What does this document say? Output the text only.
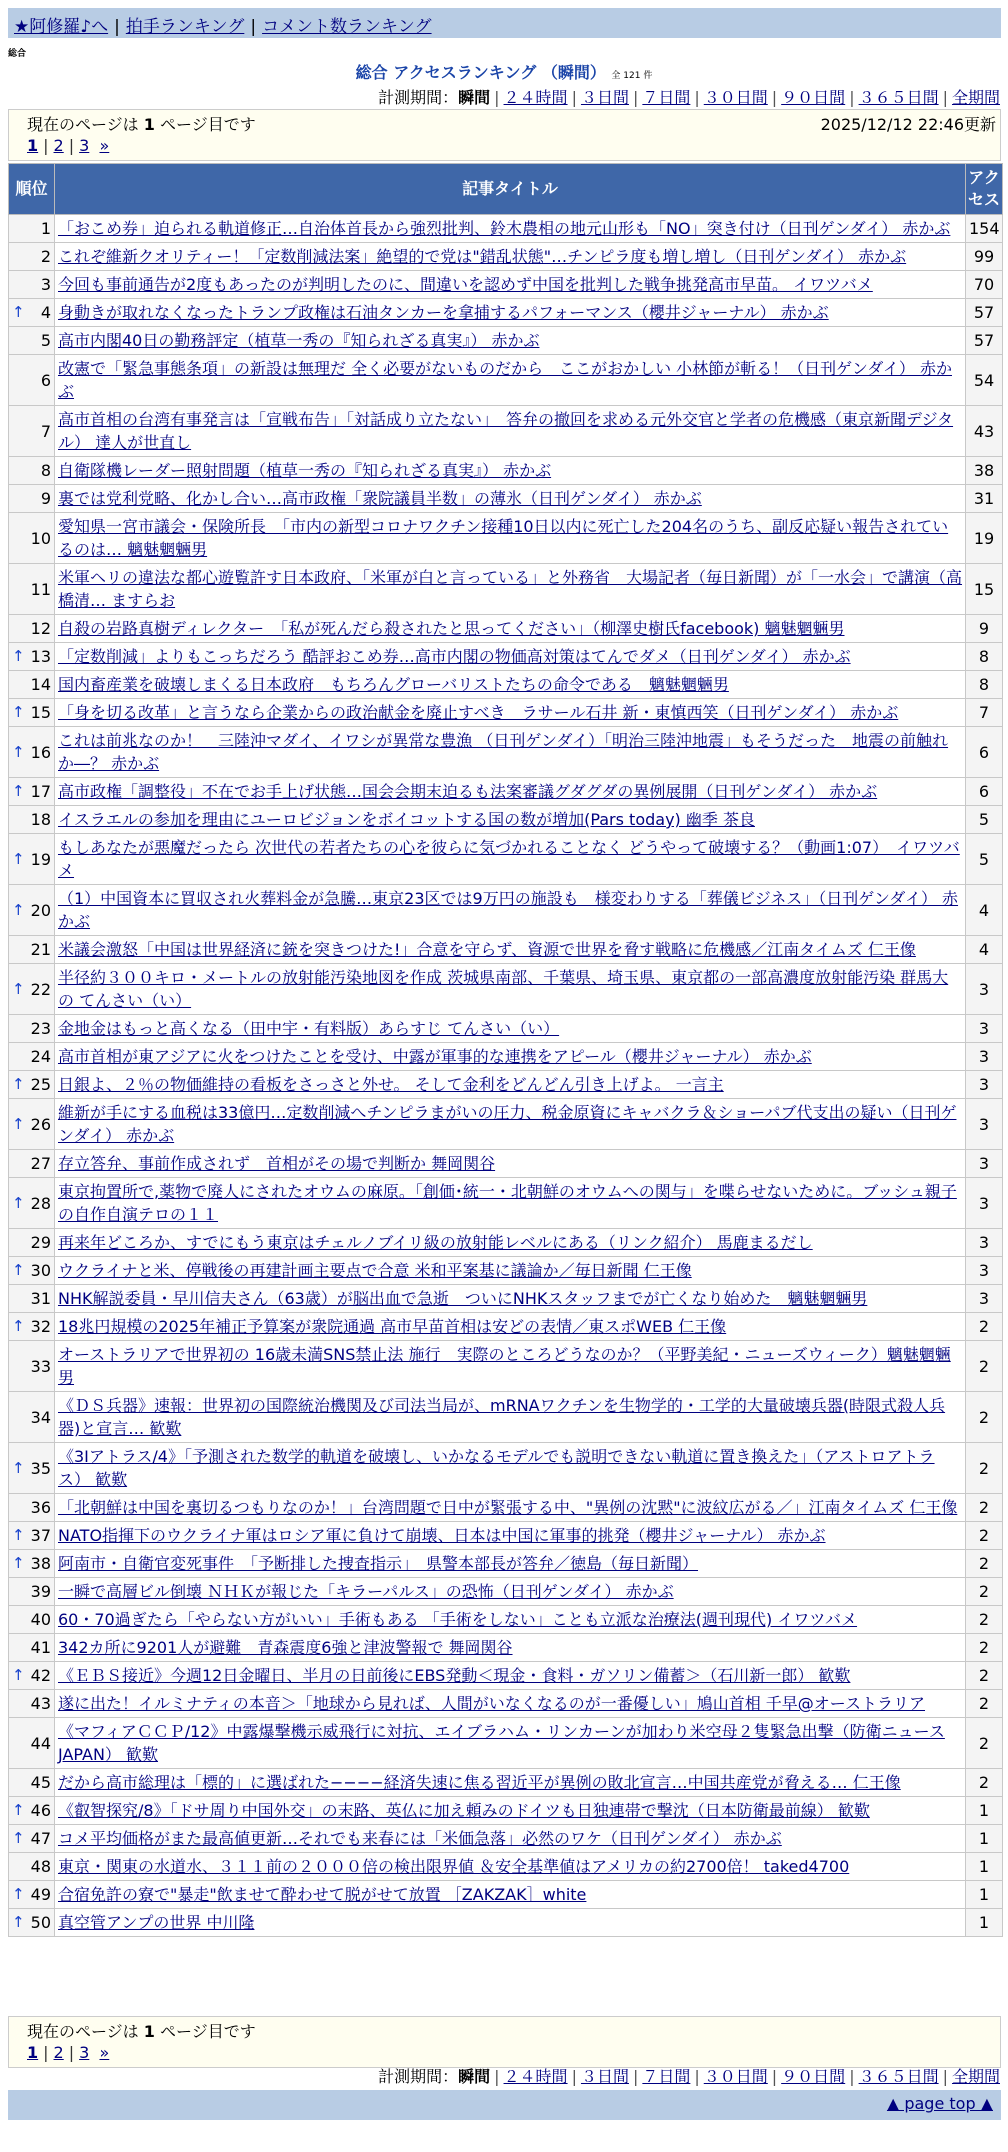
★阿修羅♪へ | 拍手ランキング | コメント数ランキング
総合
総合 アクセスランキング （瞬間） 全 121 件
計測期間：瞬間 | ２４時間 | ３日間 | ７日間 | ３０日間 | ９０日間 | ３６５日間 | 全期間
現在のページは 1 ページ目です
1 | 2 | 3 »
2025/12/12 22:46更新
順位	記事タイトル	アクセス
1	「おこめ券」迫られる軌道修正…自治体首長から強烈批判、鈴木農相の地元山形も「NO」突き付け（日刊ゲンダイ） 赤かぶ	154
2	これぞ維新クオリティー！「定数削減法案」絶望的で党は"錯乱状態"…チンピラ度も増し増し（日刊ゲンダイ） 赤かぶ	99
3	今回も事前通告が2度もあったのが判明したのに、間違いを認めず中国を批判した戦争挑発高市早苗。 イワツバメ	70

↑ 4	身動きが取れなくなったトランプ政権は石油タンカーを拿捕するパフォーマンス（櫻井ジャーナル） 赤かぶ	57
5	高市内閣40日の勤務評定（植草一秀の『知られざる真実』） 赤かぶ	57
6	改憲で「緊急事態条項」の新設は無理だ 全く必要がないものだから　ここがおかしい 小林節が斬る！（日刊ゲンダイ） 赤かぶ	54
7	高市首相の台湾有事発言は「宣戦布告」「対話成り立たない」　答弁の撤回を求める元外交官と学者の危機感（東京新聞デジタル） 達人が世直し	43
8	自衛隊機レーダー照射問題（植草一秀の『知られざる真実』） 赤かぶ	38
9	裏では党利党略、化かし合い…高市政権「衆院議員半数」の薄氷（日刊ゲンダイ） 赤かぶ	31
10	愛知県一宮市議会・保険所長　「市内の新型コロナワクチン接種10日以内に死亡した204名のうち、副反応疑い報告されているのは… 魑魅魍魎男	19
11	米軍ヘリの違法な都心遊覧許す日本政府、「米軍が白と言っている」と外務省　大場記者（毎日新聞）が「一水会」で講演（高橋清… ますらお	15
12	自殺の岩路真樹ディレクター　「私が死んだら殺されたと思ってください」（柳澤史樹氏facebook) 魑魅魍魎男	9

↑ 13	「定数削減」よりもこっちだろう 酷評おこめ券…高市内閣の物価高対策はてんでダメ（日刊ゲンダイ） 赤かぶ	8
14	国内畜産業を破壊しまくる日本政府　もちろんグローバリストたちの命令である　魑魅魍魎男	8

↑ 15	「身を切る改革」と言うなら企業からの政治献金を廃止すべき　ラサール石井 新・東慎西笑（日刊ゲンダイ） 赤かぶ	7

↑ 16	これは前兆なのか！　三陸沖マダイ、イワシが異常な豊漁 （日刊ゲンダイ）「明治三陸沖地震」もそうだった　地震の前触れか―？ 赤かぶ	6

↑ 17	高市政権「調整役」不在でお手上げ状態…国会会期末迫るも法案審議グダグダの異例展開（日刊ゲンダイ） 赤かぶ	6
18	イスラエルの参加を理由にユーロビジョンをボイコットする国の数が増加(Pars today) 幽季 茶良	5

↑ 19	もしあなたが悪魔だったら 次世代の若者たちの心を彼らに気づかれることなく どうやって破壊する？（動画1:07）　イワツバメ	5

↑ 20	（1）中国資本に買収され火葬料金が急騰…東京23区では9万円の施設も　様変わりする「葬儀ビジネス」（日刊ゲンダイ） 赤かぶ	4
21	米議会激怒「中国は世界経済に銃を突きつけた!」合意を守らず、資源で世界を脅す戦略に危機感／江南タイムズ 仁王像	4

↑ 22	半径約３００キロ・メートルの放射能汚染地図を作成 茨城県南部、千葉県、埼玉県、東京都の一部高濃度放射能汚染 群馬大の てんさい（い）	3
23	金地金はもっと高くなる（田中宇・有料版）あらすじ てんさい（い）	3
24	高市首相が東アジアに火をつけたことを受け、中露が軍事的な連携をアピール（櫻井ジャーナル） 赤かぶ	3

↑ 25	日銀よ、２％の物価維持の看板をさっさと外せ。 そして金利をどんどん引き上げよ。 一言主	3

↑ 26	維新が手にする血税は33億円…定数削減へチンピラまがいの圧力、税金原資にキャバクラ＆ショーパブ代支出の疑い（日刊ゲンダイ） 赤かぶ	3
27	存立答弁、事前作成されず　首相がその場で判断か 舞岡関谷	3

↑ 28	東京拘置所で,薬物で廃人にされたオウムの麻原。「創価･統一・北朝鮮のオウムへの関与」を喋らせないために。ブッシュ親子の自作自演テロの１１	3
29	再来年どころか、すでにもう東京はチェルノブイリ級の放射能レベルにある（リンク紹介） 馬鹿まるだし	3

↑ 30	ウクライナと米、停戦後の再建計画主要点で合意 米和平案基に議論か／毎日新聞 仁王像	3
31	NHK解説委員・早川信夫さん（63歳）が脳出血で急逝　ついにNHKスタッフまでが亡くなり始めた　魑魅魍魎男	3

↑ 32	18兆円規模の2025年補正予算案が衆院通過 高市早苗首相は安どの表情／東スポWEB 仁王像	2
33	オーストラリアで世界初の 16歳未満SNS禁止法 施行　実際のところどうなのか？（平野美紀・ニューズウィーク）魑魅魍魎男	2
34	《ＤＳ兵器》速報：世界初の国際統治機関及び司法当局が、mRNAワクチンを生物学的・工学的大量破壊兵器(時限式殺人兵器)と宣言… 歓歎	2

↑ 35	《3Iアトラス/4》「予測された数学的軌道を破壊し、いかなるモデルでも説明できない軌道に置き換えた」（アストロアトラス） 歓歎	2
36	「北朝鮮は中国を裏切るつもりなのか！」台湾問題で日中が緊張する中、"異例の沈黙"に波紋広がる／」江南タイムズ 仁王像	2

↑ 37	NATO指揮下のウクライナ軍はロシア軍に負けて崩壊、日本は中国に軍事的挑発（櫻井ジャーナル） 赤かぶ	2

↑ 38	阿南市・自衛官変死事件　「予断排した捜査指示」　県警本部長が答弁／徳島（毎日新聞）	2
39	一瞬で高層ビル倒壊 ＮＨＫが報じた「キラーパルス」の恐怖（日刊ゲンダイ） 赤かぶ	2
40	60・70過ぎたら「やらない方がいい」手術もある 「手術をしない」ことも立派な治療法(週刊現代) イワツバメ	2
41	342カ所に9201人が避難　青森震度6強と津波警報で 舞岡関谷	2

↑ 42	《ＥＢＳ接近》今週12日金曜日、半月の日前後にEBS発動＜現金・食料・ガソリン備蓄＞（石川新一郎） 歓歎	2
43	遂に出た！イルミナティの本音＞「地球から見れば、人間がいなくなるのが一番優しい」鳩山首相 千早@オーストラリア	2
44	《マフィアＣＣＰ/12》中露爆撃機示威飛行に対抗、エイブラハム・リンカーンが加わり米空母２隻緊急出撃（防衛ニュースJAPAN） 歓歎	2
45	だから高市総理は「標的」に選ばれた−−−−経済失速に焦る習近平が異例の敗北宣言…中国共産党が脅える… 仁王像	2

↑ 46	《叡智探究/8》「ドサ周り中国外交」の末路、英仏に加え頼みのドイツも日独連帯で撃沈（日本防衛最前線） 歓歎	1

↑ 47	コメ平均価格がまた最高値更新…それでも来春には「米価急落」必然のワケ（日刊ゲンダイ） 赤かぶ	1
48	東京・関東の水道水、３１１前の２０００倍の検出限界値 ＆安全基準値はアメリカの約2700倍！ taked4700	1

↑ 49	合宿免許の寮で"暴走"飲ませて酔わせて脱がせて放置 ［ZAKZAK］white	1

↑ 50	真空管アンプの世界 中川隆	1
現在のページは 1 ページ目です
1 | 2 | 3 »
計測期間：瞬間 | ２４時間 | ３日間 | ７日間 | ３０日間 | ９０日間 | ３６５日間 | 全期間
▲ page top ▲
